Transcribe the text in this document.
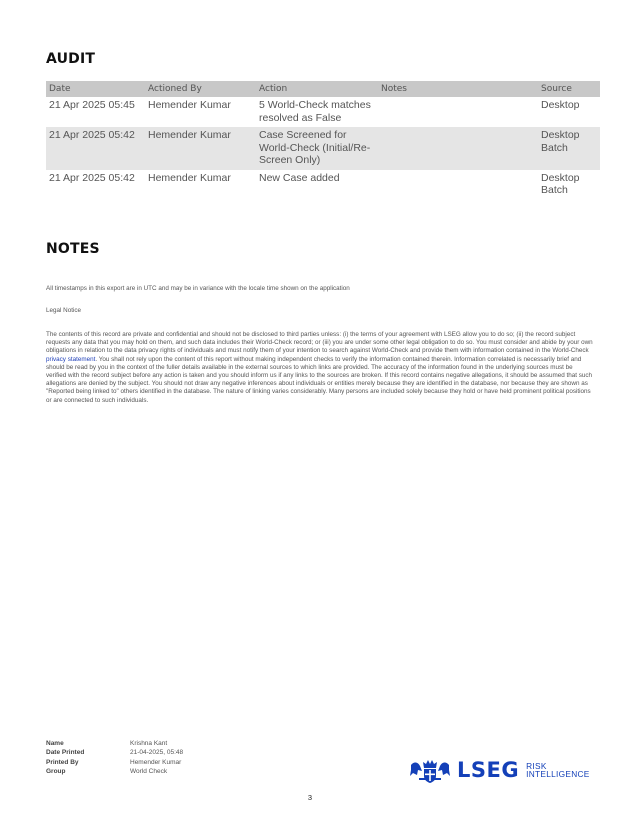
AUDIT
Date	Actioned By	Action	Notes	Source
21 Apr 2025 05:45	Hemender Kumar	5 World-Check matches resolved as False		Desktop
21 Apr 2025 05:42	Hemender Kumar	Case Screened for World-Check (Initial/Re-Screen Only)		Desktop Batch
21 Apr 2025 05:42	Hemender Kumar	New Case added		Desktop Batch
NOTES
All timestamps in this export are in UTC and may be in variance with the locale time shown on the application
Legal Notice
The contents of this record are private and confidential and should not be disclosed to third parties unless: (i) the terms of your agreement with LSEG allow you to do so; (ii) the record subject requests any data that you may hold on them, and such data includes their World-Check record; or (iii) you are under some other legal obligation to do so. You must consider and abide by your own obligations in relation to the data privacy rights of individuals and must notify them of your intention to search against World-Check and provide them with information contained in the World-Check privacy statement. You shall not rely upon the content of this report without making independent checks to verify the information contained therein. Information correlated is necessarily brief and should be read by you in the context of the fuller details available in the external sources to which links are provided. The accuracy of the information found in the underlying sources must be verified with the record subject before any action is taken and you should inform us if any links to the sources are broken. If this record contains negative allegations, it should be assumed that such allegations are denied by the subject. You should not draw any negative inferences about individuals or entities merely because they are identified in the database, nor because they are shown as "Reported being linked to" others identified in the database. The nature of linking varies considerably. Many persons are included solely because they hold or have held prominent political positions or are connected to such individuals.
Name	Krishna Kant
Date Printed	21-04-2025, 05:48
Printed By	Hemender Kumar
Group	World Check	LSEG RISK
INTELLIGENCE
3
